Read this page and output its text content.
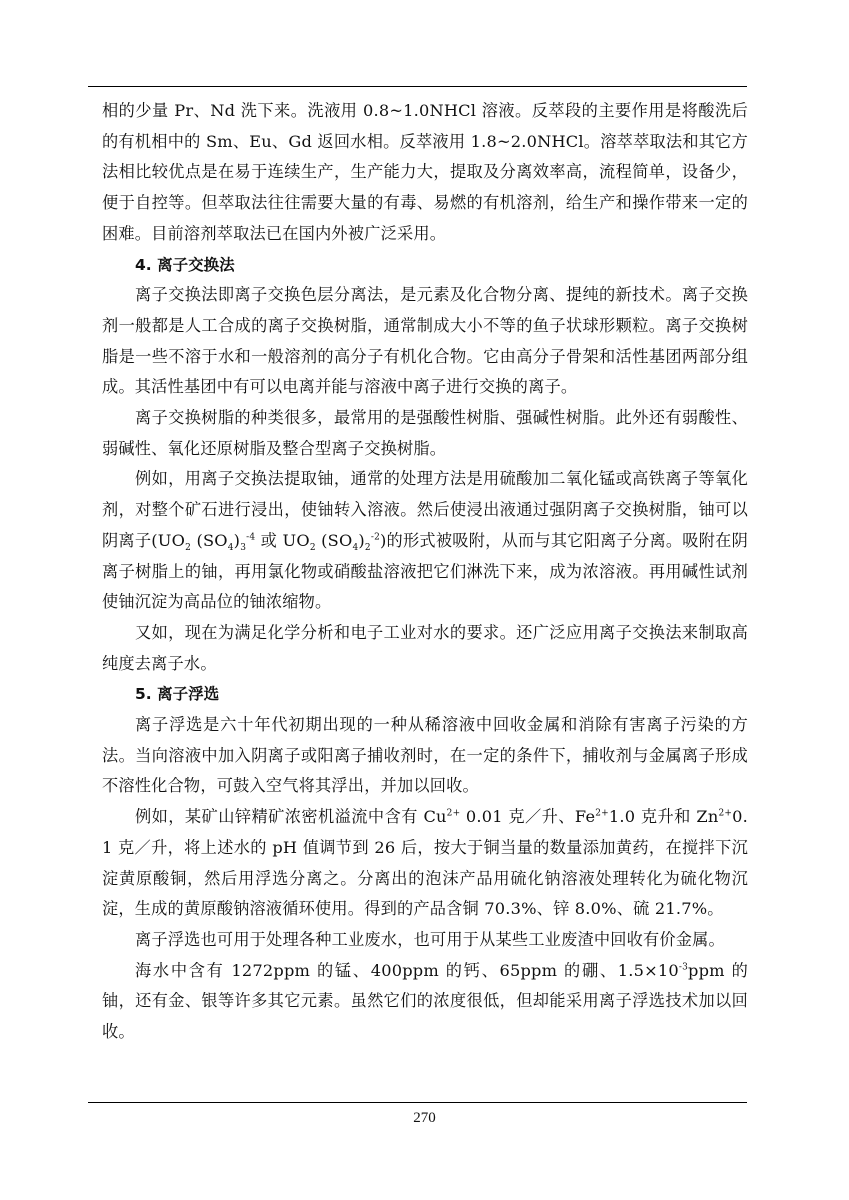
相的少量 Pr、Nd 洗下来。洗液用 0.8~1.0NHCl 溶液。反萃段的主要作用是将酸洗后的有机相中的 Sm、Eu、Gd 返回水相。反萃液用 1.8~2.0NHCl。溶萃萃取法和其它方法相比较优点是在易于连续生产，生产能力大，提取及分离效率高，流程简单，设备少，便于自控等。但萃取法往往需要大量的有毒、易燃的有机溶剂，给生产和操作带来一定的困难。目前溶剂萃取法已在国内外被广泛采用。

4. 离子交换法

离子交换法即离子交换色层分离法，是元素及化合物分离、提纯的新技术。离子交换剂一般都是人工合成的离子交换树脂，通常制成大小不等的鱼子状球形颗粒。离子交换树脂是一些不溶于水和一般溶剂的高分子有机化合物。它由高分子骨架和活性基团两部分组成。其活性基团中有可以电离并能与溶液中离子进行交换的离子。

离子交换树脂的种类很多，最常用的是强酸性树脂、强碱性树脂。此外还有弱酸性、弱碱性、氧化还原树脂及整合型离子交换树脂。

例如，用离子交换法提取铀，通常的处理方法是用硫酸加二氧化锰或高铁离子等氧化剂，对整个矿石进行浸出，使铀转入溶液。然后使浸出液通过强阴离子交换树脂，铀可以阴离子($UO_2$ $(SO_4)_3^{-4}$ 或 $UO_2$ $(SO_4)_2^{-2}$)的形式被吸附，从而与其它阳离子分离。吸附在阴离子树脂上的铀，再用氯化物或硝酸盐溶液把它们淋洗下来，成为浓溶液。再用碱性试剂使铀沉淀为高品位的铀浓缩物。

又如，现在为满足化学分析和电子工业对水的要求。还广泛应用离子交换法来制取高纯度去离子水。

5. 离子浮选

离子浮选是六十年代初期出现的一种从稀溶液中回收金属和消除有害离子污染的方法。当向溶液中加入阴离子或阳离子捕收剂时，在一定的条件下，捕收剂与金属离子形成不溶性化合物，可鼓入空气将其浮出，并加以回收。

例如，某矿山锌精矿浓密机溢流中含有 $Cu^{2+}$ 0.01 克／升、$Fe^{2+}1.0$ 克升和 $Zn^{2+}0.1$ 克／升，将上述水的 pH 值调节到 26 后，按大于铜当量的数量添加黄药，在搅拌下沉淀黄原酸铜，然后用浮选分离之。分离出的泡沫产品用硫化钠溶液处理转化为硫化物沉淀，生成的黄原酸钠溶液循环使用。得到的产品含铜 70.3%、锌 8.0%、硫 21.7%。

离子浮选也可用于处理各种工业废水，也可用于从某些工业废渣中回收有价金属。

海水中含有 1272ppm 的锰、400ppm 的钙、65ppm 的硼、$1.5\times 10^{-3}ppm$ 的铀，还有金、银等许多其它元素。虽然它们的浓度很低，但却能采用离子浮选技术加以回收。

270
